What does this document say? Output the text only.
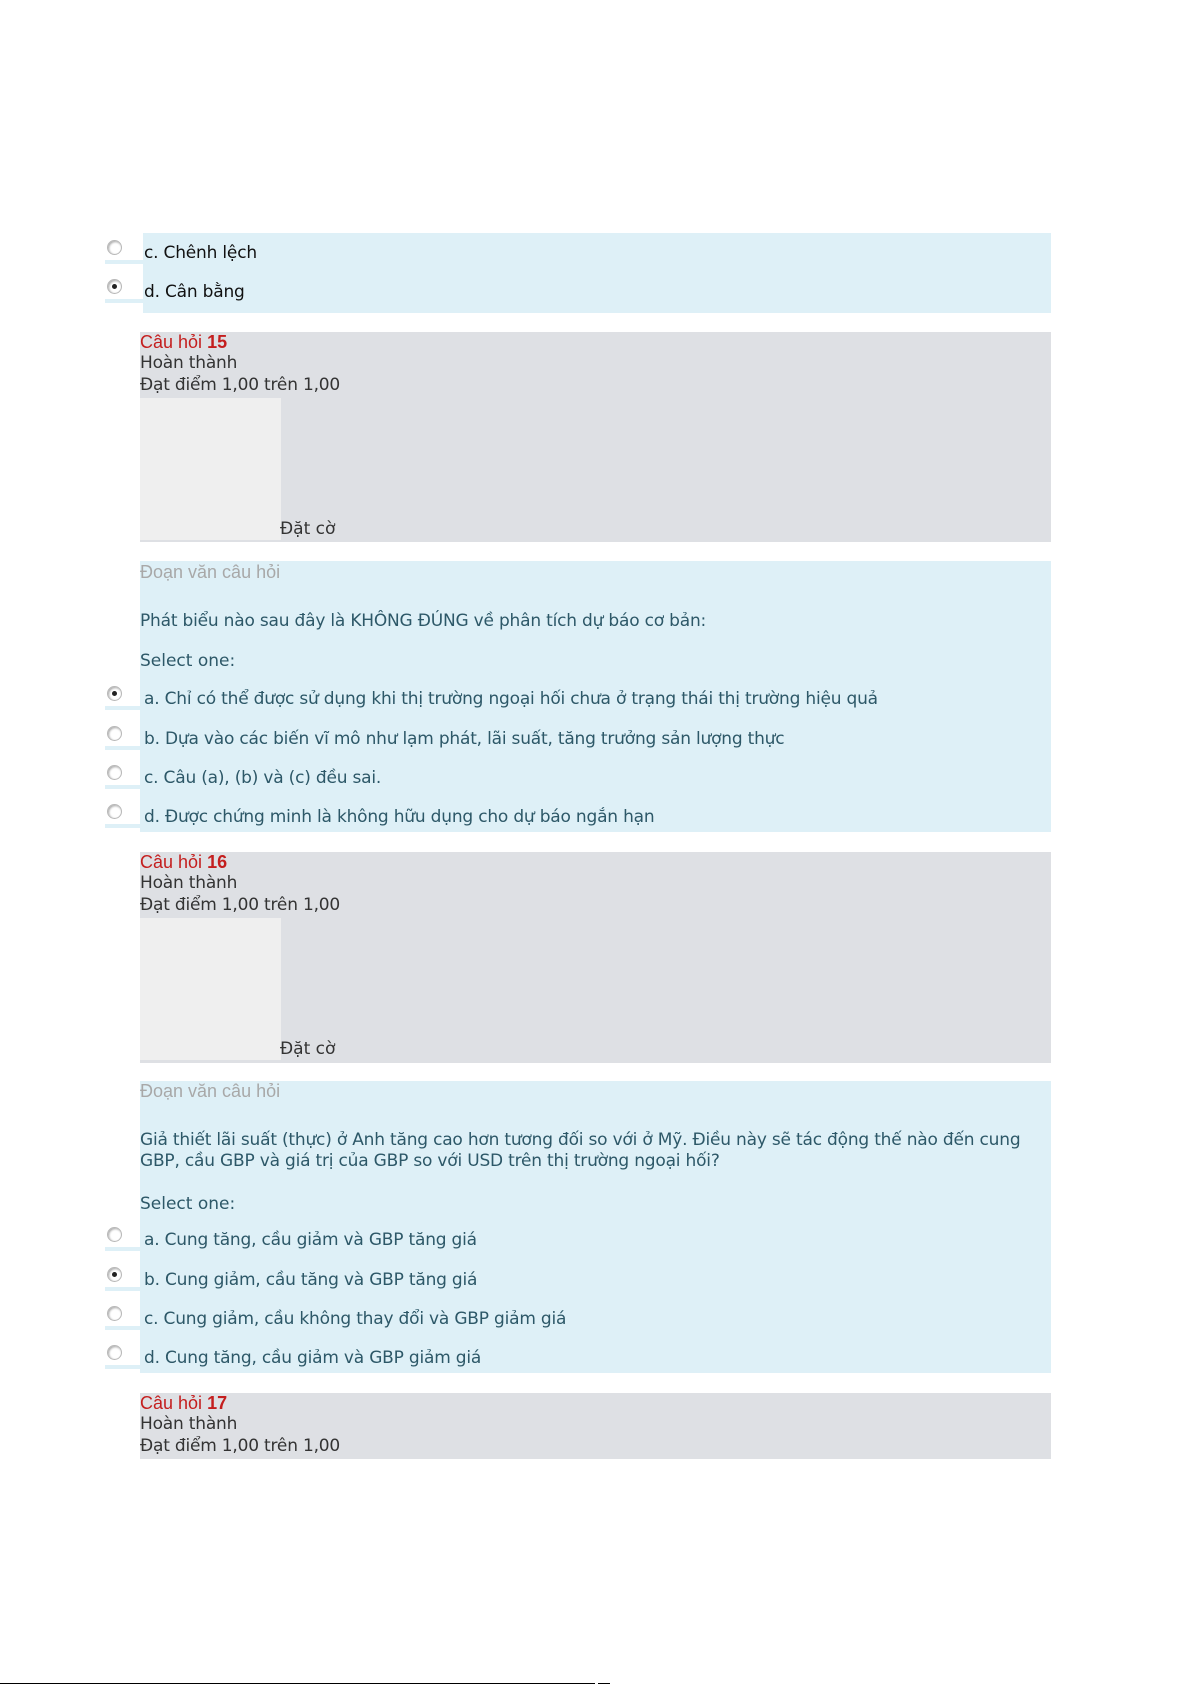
c. Chênh lệch
d. Cân bằng
Câu hỏi 15
Hoàn thành
Đạt điểm 1,00 trên 1,00
Đặt cờ
Đoạn văn câu hỏi
Phát biểu nào sau đây là KHÔNG ĐÚNG về phân tích dự báo cơ bản:
Select one:
a. Chỉ có thể được sử dụng khi thị trường ngoại hối chưa ở trạng thái thị trường hiệu quả
b. Dựa vào các biến vĩ mô như lạm phát, lãi suất, tăng trưởng sản lượng thực
c. Câu (a), (b) và (c) đều sai.
d. Được chứng minh là không hữu dụng cho dự báo ngắn hạn
Câu hỏi 16
Hoàn thành
Đạt điểm 1,00 trên 1,00
Đặt cờ
Đoạn văn câu hỏi
Giả thiết lãi suất (thực) ở Anh tăng cao hơn tương đối so với ở Mỹ. Điều này sẽ tác động thế nào đến cung GBP, cầu GBP và giá trị của GBP so với USD trên thị trường ngoại hối?
Select one:
a. Cung tăng, cầu giảm và GBP tăng giá
b. Cung giảm, cầu tăng và GBP tăng giá
c. Cung giảm, cầu không thay đổi và GBP giảm giá
d. Cung tăng, cầu giảm và GBP giảm giá
Câu hỏi 17
Hoàn thành
Đạt điểm 1,00 trên 1,00
